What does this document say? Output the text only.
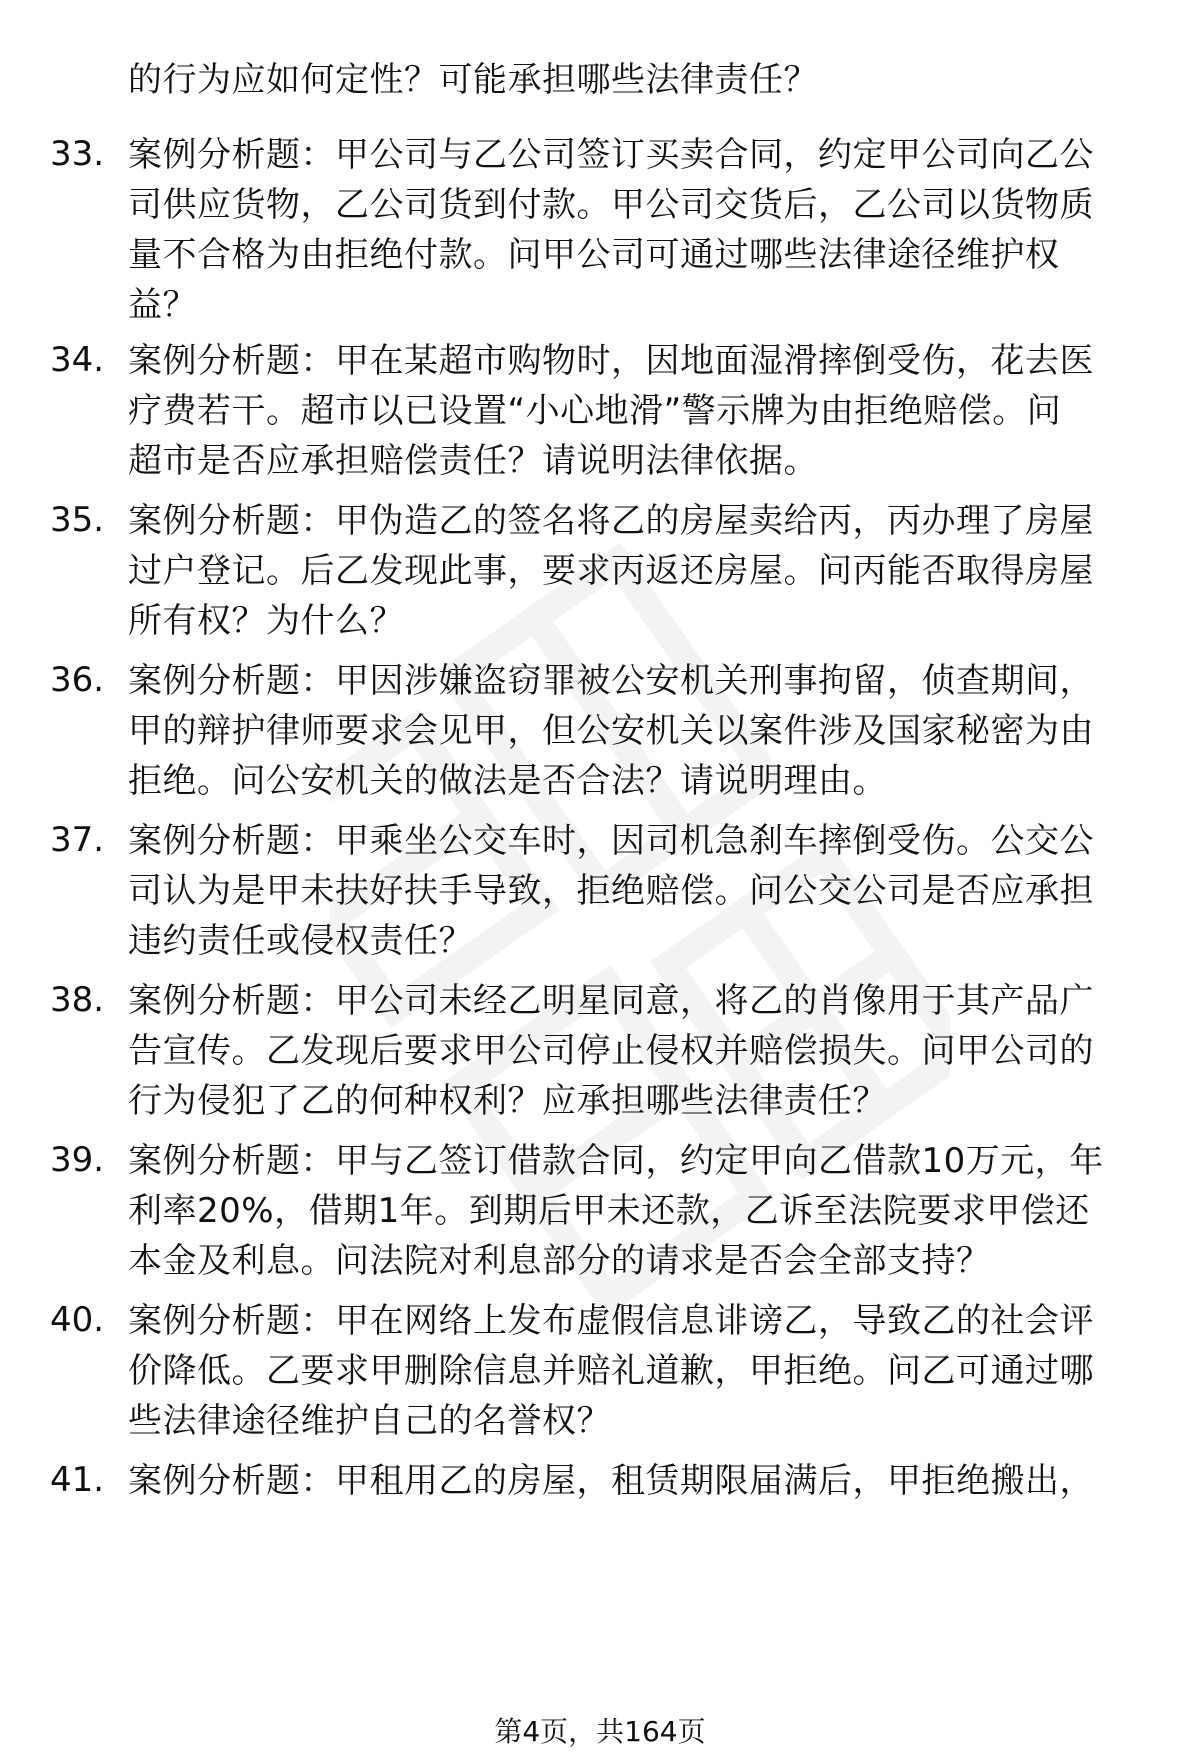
的行为应如何定性？可能承担哪些法律责任？
33. 案例分析题：甲公司与乙公司签订买卖合同，约定甲公司向乙公
司供应货物，乙公司货到付款。甲公司交货后，乙公司以货物质
量不合格为由拒绝付款。问甲公司可通过哪些法律途径维护权
益？
34. 案例分析题：甲在某超市购物时，因地面湿滑摔倒受伤，花去医
疗费若干。超市以已设置“小心地滑”警示牌为由拒绝赔偿。问
超市是否应承担赔偿责任？请说明法律依据。
35. 案例分析题：甲伪造乙的签名将乙的房屋卖给丙，丙办理了房屋
过户登记。后乙发现此事，要求丙返还房屋。问丙能否取得房屋
所有权？为什么？
36. 案例分析题：甲因涉嫌盗窃罪被公安机关刑事拘留，侦查期间，
甲的辩护律师要求会见甲，但公安机关以案件涉及国家秘密为由
拒绝。问公安机关的做法是否合法？请说明理由。
37. 案例分析题：甲乘坐公交车时，因司机急刹车摔倒受伤。公交公
司认为是甲未扶好扶手导致，拒绝赔偿。问公交公司是否应承担
违约责任或侵权责任？
38. 案例分析题：甲公司未经乙明星同意，将乙的肖像用于其产品广
告宣传。乙发现后要求甲公司停止侵权并赔偿损失。问甲公司的
行为侵犯了乙的何种权利？应承担哪些法律责任？
39. 案例分析题：甲与乙签订借款合同，约定甲向乙借款10万元，年
利率20%，借期1年。到期后甲未还款，乙诉至法院要求甲偿还
本金及利息。问法院对利息部分的请求是否会全部支持？
40. 案例分析题：甲在网络上发布虚假信息诽谤乙，导致乙的社会评
价降低。乙要求甲删除信息并赔礼道歉，甲拒绝。问乙可通过哪
些法律途径维护自己的名誉权？
41. 案例分析题：甲租用乙的房屋，租赁期限届满后，甲拒绝搬出，
第4页，共164页
